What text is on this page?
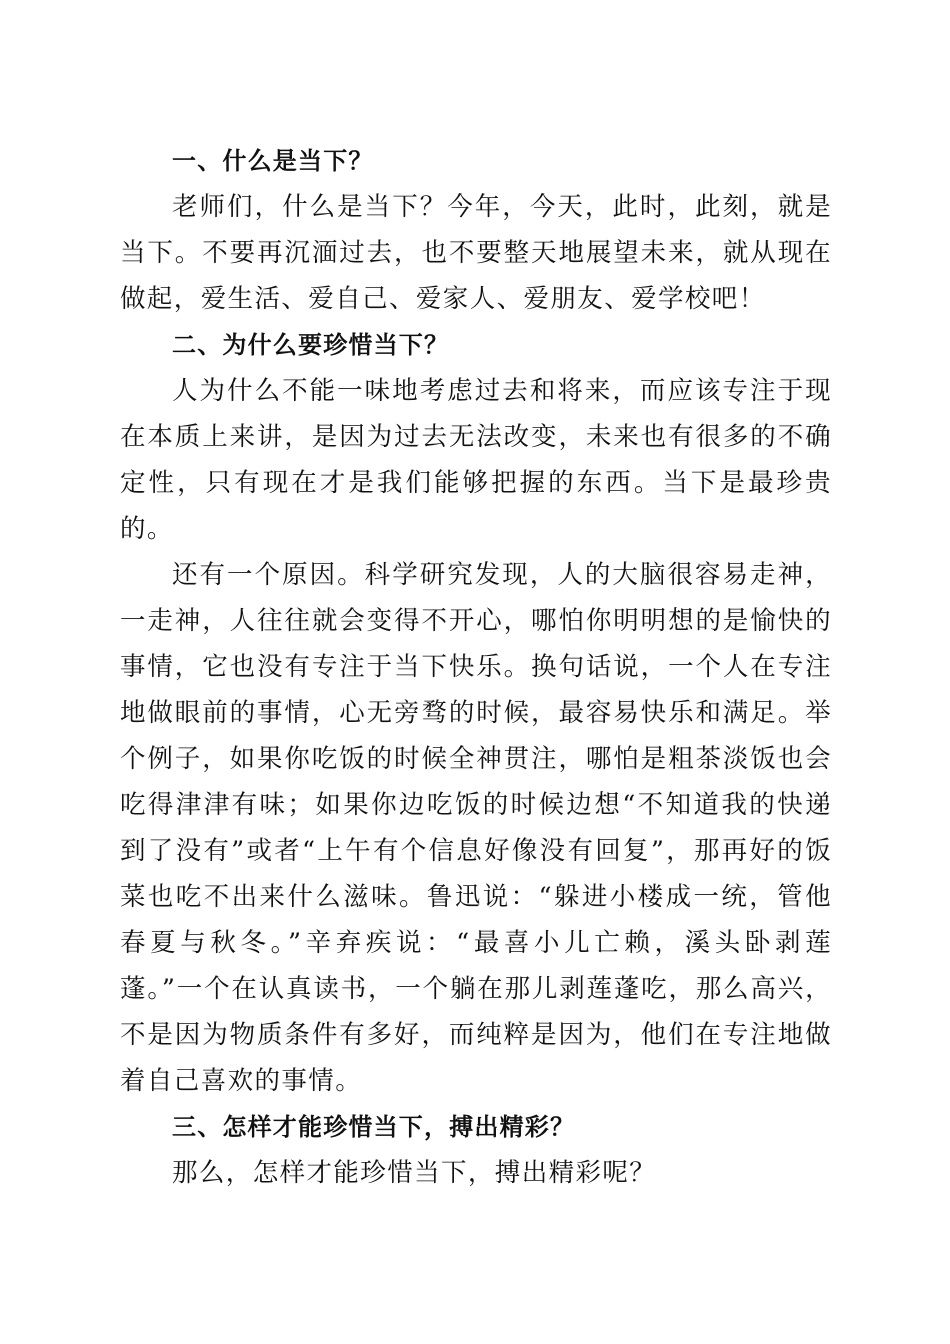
一、什么是当下？

老师们，什么是当下？今年，今天，此时，此刻，就是当下。不要再沉湎过去，也不要整天地展望未来，就从现在做起，爱生活、爱自己、爱家人、爱朋友、爱学校吧！

二、为什么要珍惜当下？

人为什么不能一味地考虑过去和将来，而应该专注于现在本质上来讲，是因为过去无法改变，未来也有很多的不确定性，只有现在才是我们能够把握的东西。当下是最珍贵的。

还有一个原因。科学研究发现，人的大脑很容易走神，一走神，人往往就会变得不开心，哪怕你明明想的是愉快的事情，它也没有专注于当下快乐。换句话说，一个人在专注地做眼前的事情，心无旁骛的时候，最容易快乐和满足。举个例子，如果你吃饭的时候全神贯注，哪怕是粗茶淡饭也会吃得津津有味；如果你边吃饭的时候边想“不知道我的快递到了没有”或者“上午有个信息好像没有回复”，那再好的饭菜也吃不出来什么滋味。鲁迅说：“躲进小楼成一统，管他春夏与秋冬。”辛弃疾说：“最喜小儿亡赖，溪头卧剥莲蓬。”一个在认真读书，一个躺在那儿剥莲蓬吃，那么高兴，不是因为物质条件有多好，而纯粹是因为，他们在专注地做着自己喜欢的事情。

三、怎样才能珍惜当下，搏出精彩？

那么，怎样才能珍惜当下，搏出精彩呢？
